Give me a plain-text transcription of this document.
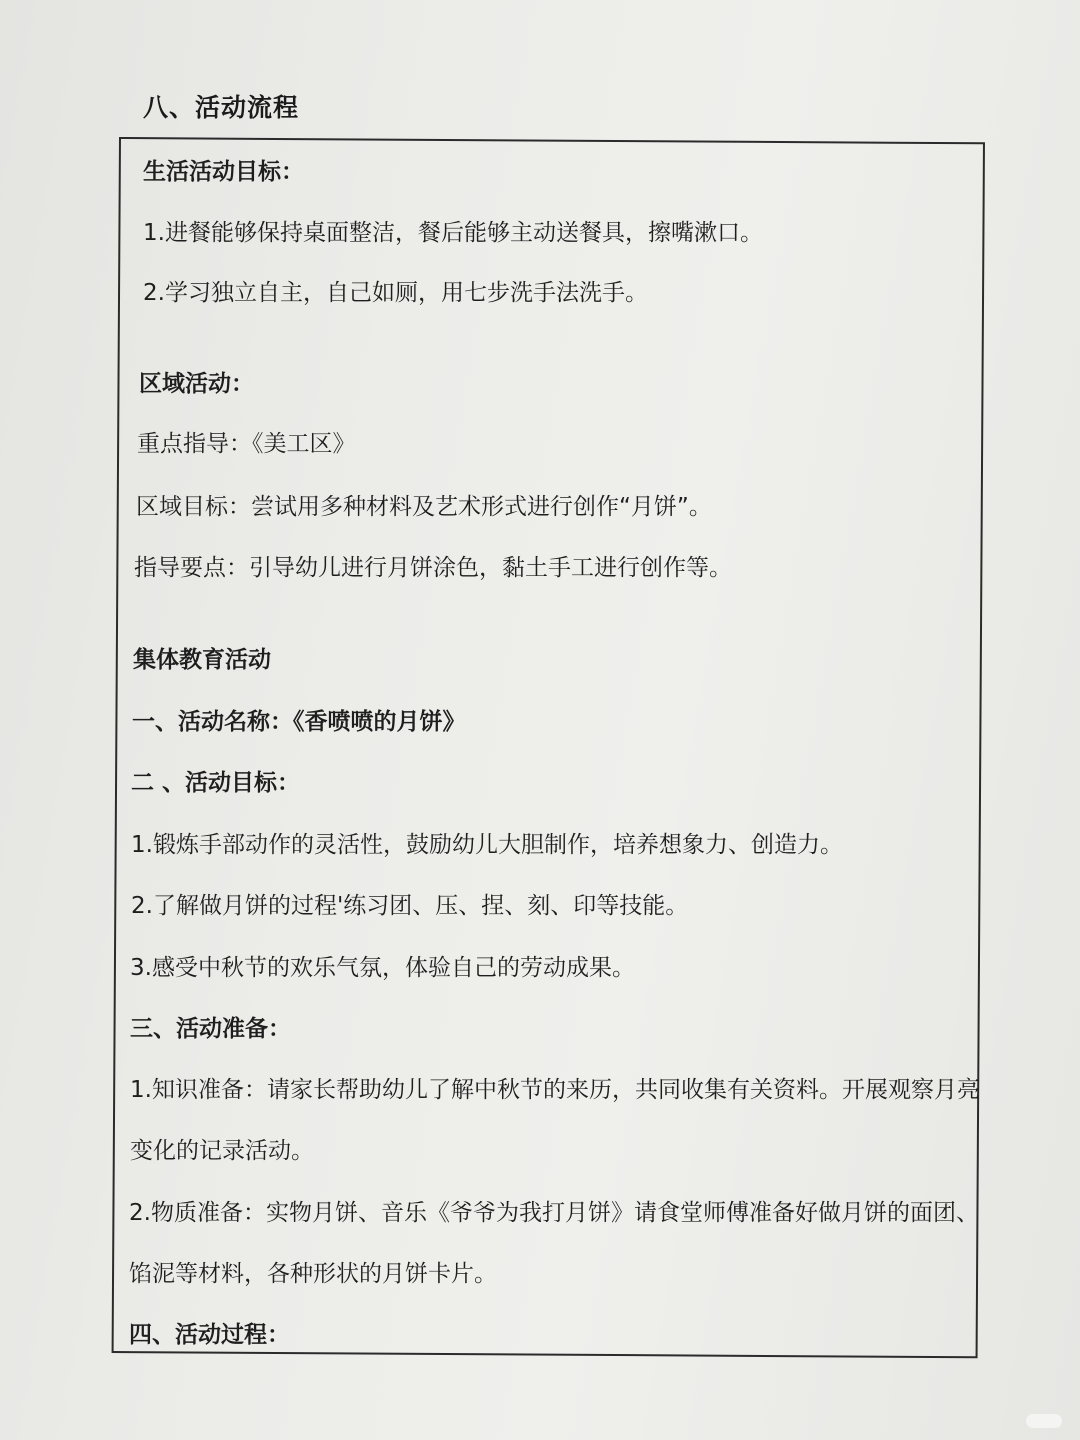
八、活动流程
生活活动目标：
1.进餐能够保持桌面整洁，餐后能够主动送餐具，擦嘴漱口。
2.学习独立自主，自己如厕，用七步洗手法洗手。
区域活动：
重点指导：《美工区》
区域目标：尝试用多种材料及艺术形式进行创作“月饼”。
指导要点：引导幼儿进行月饼涂色，黏土手工进行创作等。
集体教育活动
一、活动名称：《香喷喷的月饼》
二 、活动目标：
1.锻炼手部动作的灵活性，鼓励幼儿大胆制作，培养想象力、创造力。
2.了解做月饼的过程'练习团、压、捏、刻、印等技能。
3.感受中秋节的欢乐气氛，体验自己的劳动成果。
三、活动准备：
1.知识准备：请家长帮助幼儿了解中秋节的来历，共同收集有关资料。开展观察月亮
变化的记录活动。
2.物质准备：实物月饼、音乐《爷爷为我打月饼》请食堂师傅准备好做月饼的面团、
馅泥等材料，各种形状的月饼卡片。
四、活动过程：
